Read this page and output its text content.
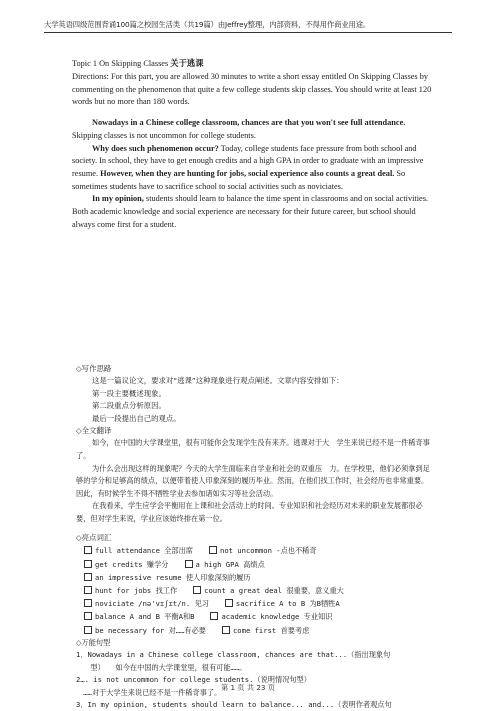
大学英语四级范围背诵100篇之校园生活类（共19篇）由Jeffrey整理，内部资料，不得用作商业用途。
Topic 1 On Skipping Classes 关于逃课
Directions: For this part, you are allowed 30 minutes to write a short essay entitled On Skipping Classes by commenting on the phenomenon that quite a few college students skip classes. You should write at least 120 words but no more than 180 words.
Nowadays in a Chinese college classroom, chances are that you won't see full attendance. Skipping classes is not uncommon for college students.
Why does such phenomenon occur? Today, college students face pressure from both school and society. In school, they have to get enough credits and a high GPA in order to graduate with an impressive resume. However, when they are hunting for jobs, social experience also counts a great deal. So sometimes students have to sacrifice school to social activities such as noviciates.
In my opinion, students should learn to balance the time spent in classrooms and on social activities. Both academic knowledge and social experience are necessary for their future career, but school should always come first for a student.
◇写作思路
这是一篇议论文，要求对“逃课”这种现象进行观点阐述。文章内容安排如下：
第一段主要概述现象。
第二段重点分析原因。
最后一段提出自己的观点。
◇全文翻译
如今，在中国的大学课堂里，很有可能你会发现学生没有来齐。逃课对于大　学生来说已经不是一件稀奇事了。
为什么会出现这样的现象呢？今天的大学生面临来自学业和社会的双重压　力。在学校里，他们必须拿到足够的学分和足够高的绩点，以便带着使人印象深刻的履历毕业。然而，在他们找工作时，社会经历也非常重要。因此，有时候学生不得不牺牲学业去参加诸如实习等社会活动。
在我看来，学生应学会平衡用在上课和社会活动上的时间。专业知识和社会经历对未来的职业发展都很必要，但对学生来说，学业应该始终排在第一位。
◇亮点词汇
full attendance 全部出席	not uncommon -点也不稀奇
get credits 赚学分	a high GPA 高绩点
an impressive resume 使人印象深刻的履历
hunt for jobs 找工作	count a great deal 很重要，意义重大
noviciate /nə'vɪʃɪt/n. 见习	sacrifice A to B 为B牺牲A
balance A and B 平衡A和B	academic knowledge 专业知识
be necessary for 对……有必要	come first 首要考虑
◇万能句型
1．Nowadays in a Chinese college classroom, chances are that...（指出现象句
　　型）　　如今在中国的大学课堂里，很有可能……。
2…. is not uncommon for college students.（说明情况句型）
　……对于大学生来说已经不是一件稀奇事了。
3．In my opinion, students should learn to balance... and...（表明作者观点句
第 1 页 共 23 页
